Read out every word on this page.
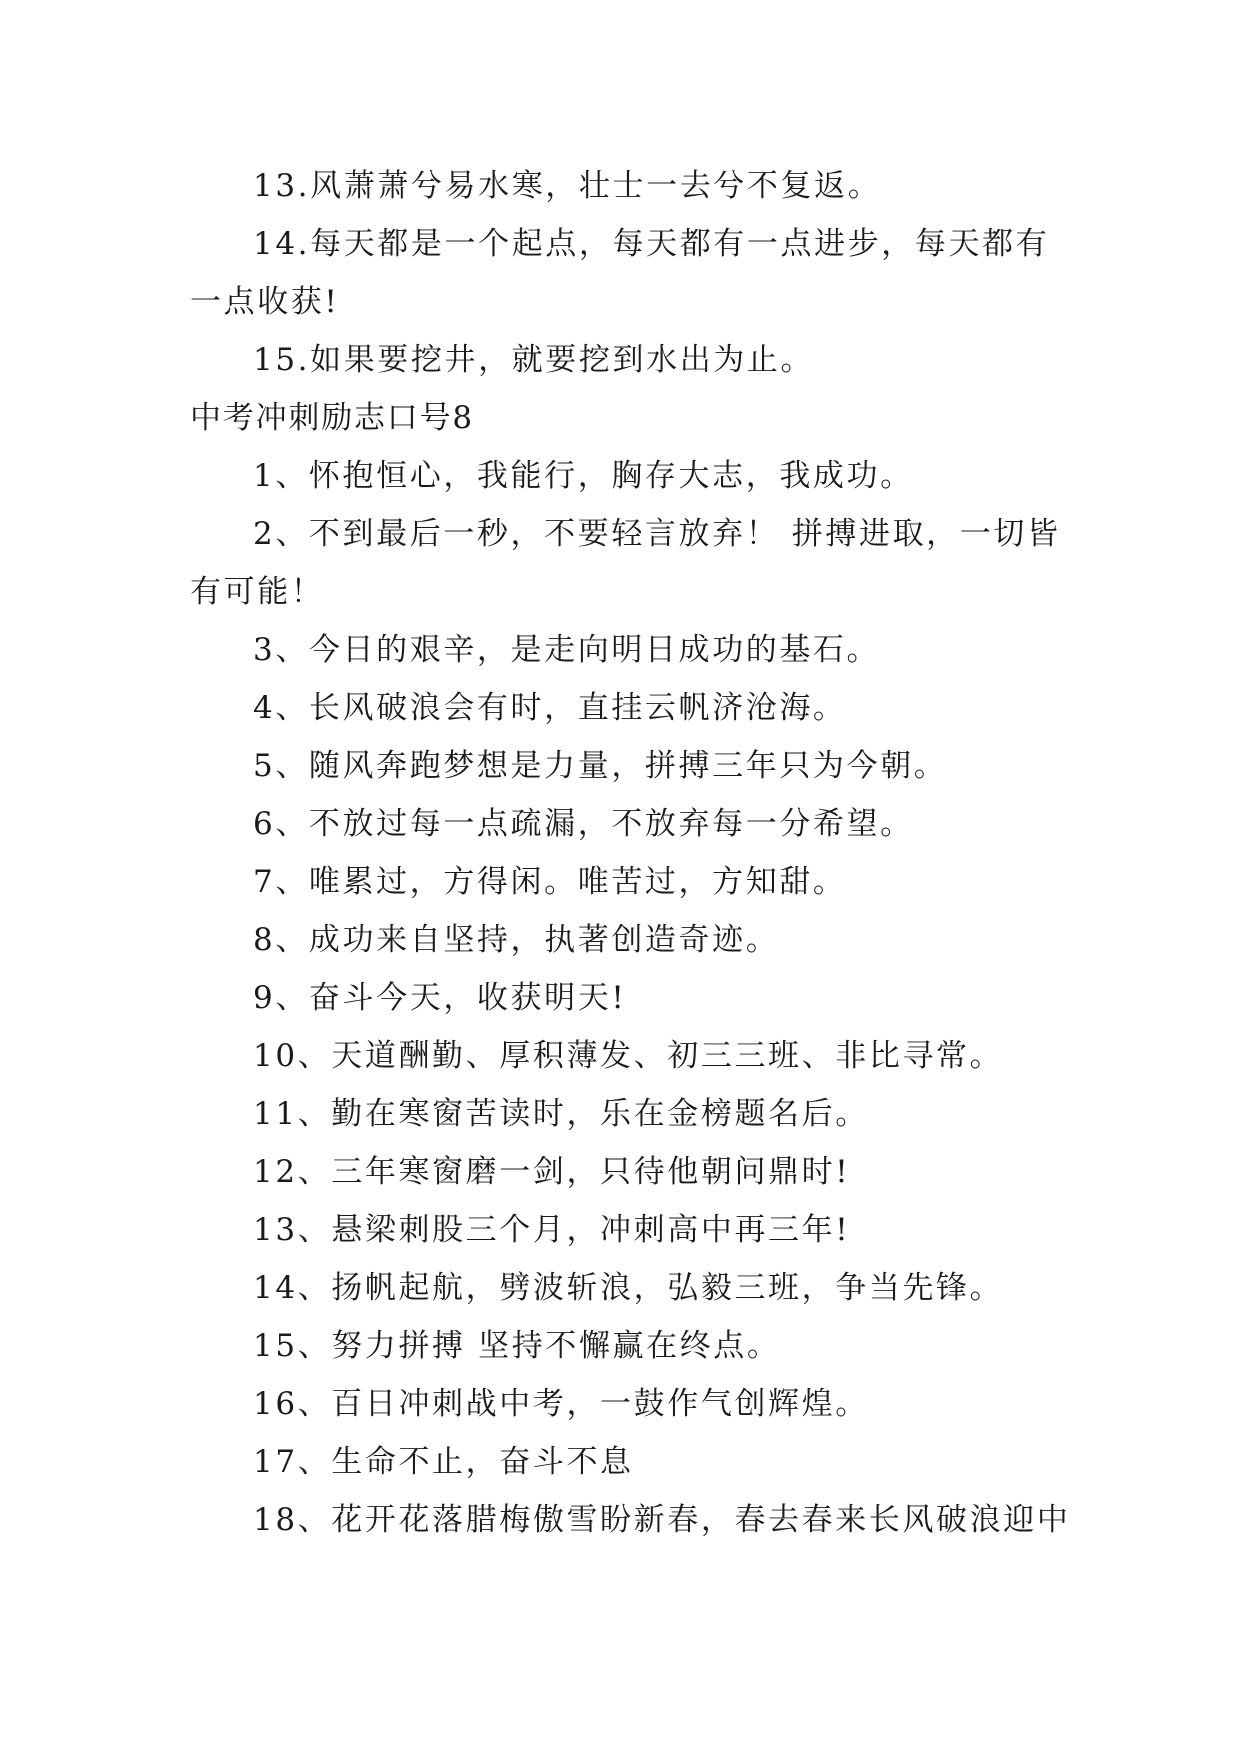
13.风萧萧兮易水寒，壮士一去兮不复返。
14.每天都是一个起点，每天都有一点进步，每天都有
一点收获!
15.如果要挖井，就要挖到水出为止。
中考冲刺励志口号8
1、怀抱恒心，我能行，胸存大志，我成功。
2、不到最后一秒，不要轻言放弃！ 拼搏进取，一切皆
有可能！
3、今日的艰辛，是走向明日成功的基石。
4、长风破浪会有时，直挂云帆济沧海。
5、随风奔跑梦想是力量，拼搏三年只为今朝。
6、不放过每一点疏漏，不放弃每一分希望。
7、唯累过，方得闲。唯苦过，方知甜。
8、成功来自坚持，执著创造奇迹。
9、奋斗今天，收获明天!
10、天道酬勤、厚积薄发、初三三班、非比寻常。
11、勤在寒窗苦读时，乐在金榜题名后。
12、三年寒窗磨一剑，只待他朝问鼎时!
13、悬梁刺股三个月，冲刺高中再三年!
14、扬帆起航，劈波斩浪，弘毅三班，争当先锋。
15、努力拼搏 坚持不懈赢在终点。
16、百日冲刺战中考，一鼓作气创辉煌。
17、生命不止，奋斗不息
18、花开花落腊梅傲雪盼新春，春去春来长风破浪迎中
